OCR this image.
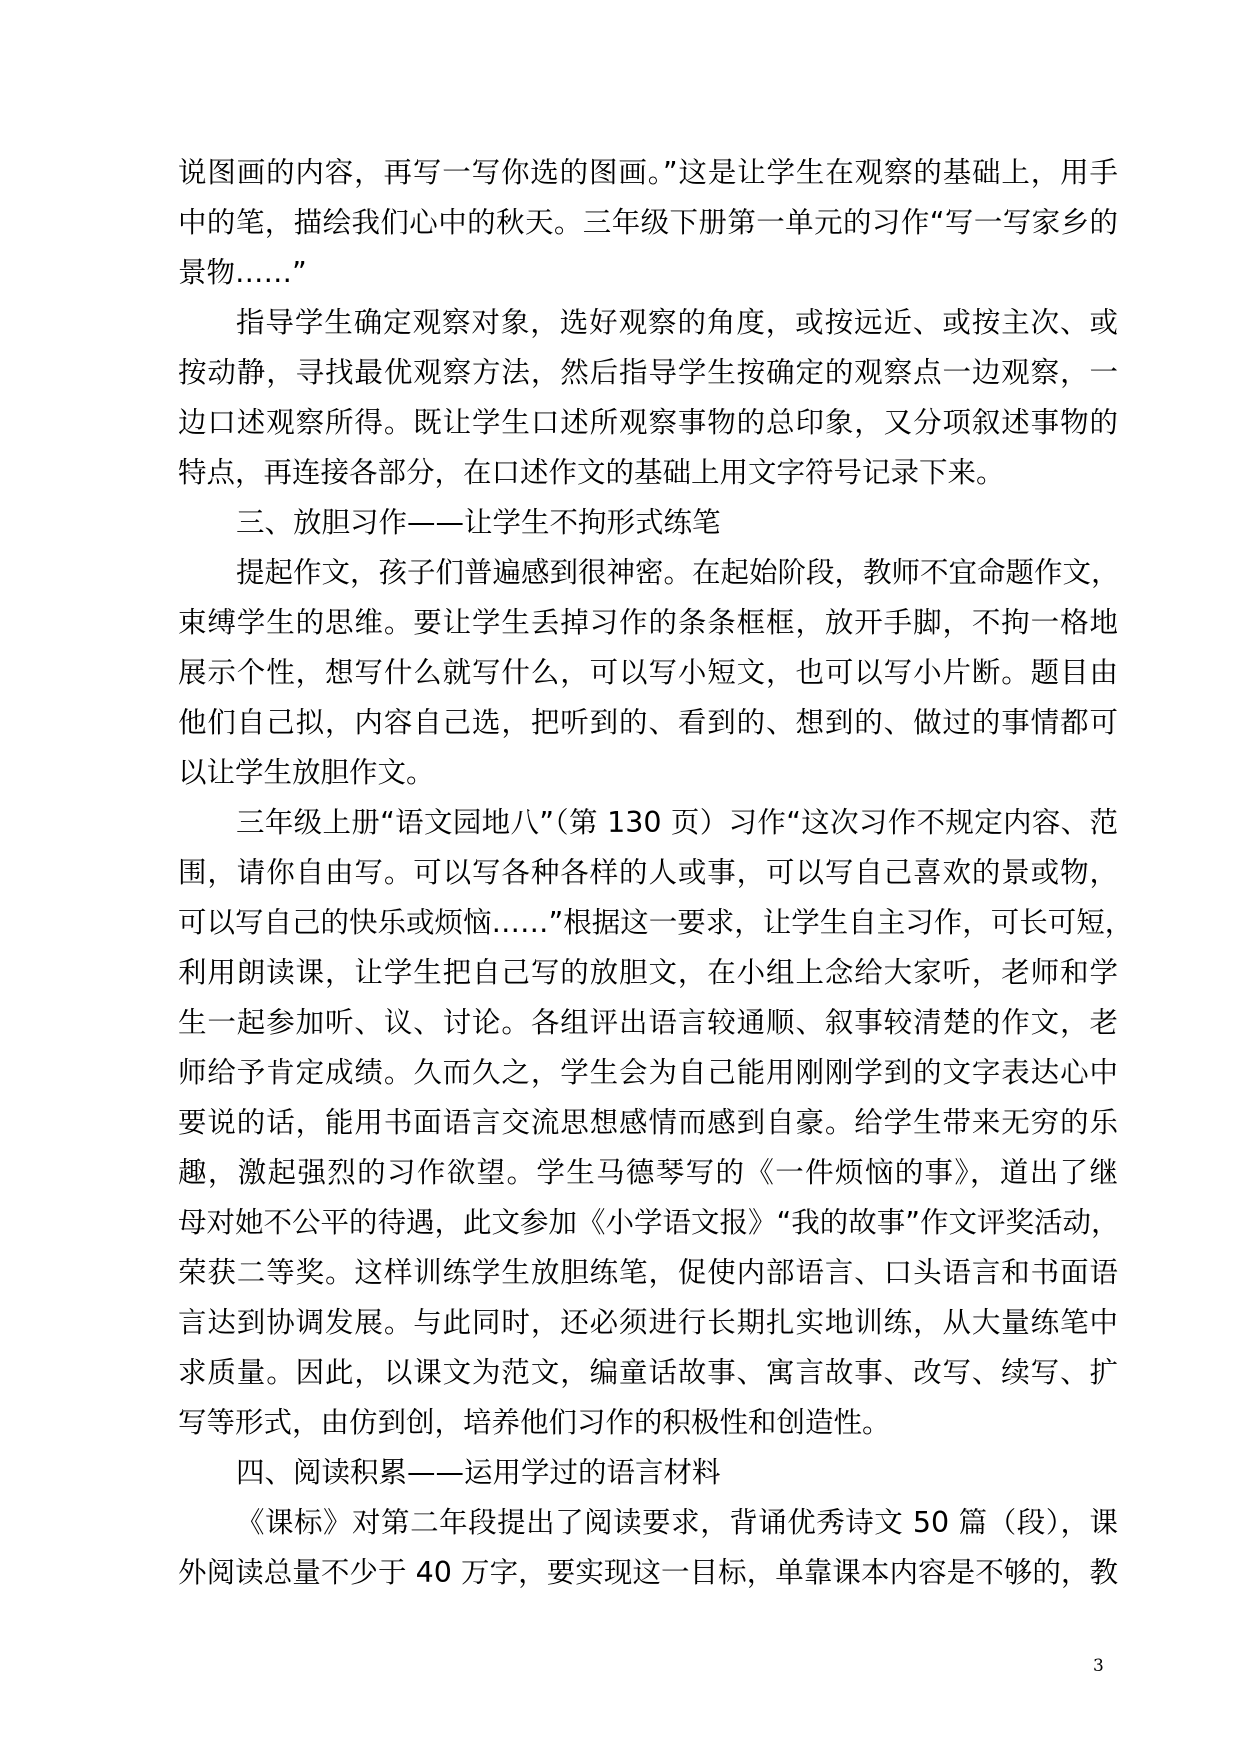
说图画的内容，再写一写你选的图画。”这是让学生在观察的基础上，用手
中的笔，描绘我们心中的秋天。三年级下册第一单元的习作“写一写家乡的
景物……”
指导学生确定观察对象，选好观察的角度，或按远近、或按主次、或
按动静，寻找最优观察方法，然后指导学生按确定的观察点一边观察，一
边口述观察所得。既让学生口述所观察事物的总印象，又分项叙述事物的
特点，再连接各部分，在口述作文的基础上用文字符号记录下来。
三、放胆习作——让学生不拘形式练笔
提起作文，孩子们普遍感到很神密。在起始阶段，教师不宜命题作文，
束缚学生的思维。要让学生丢掉习作的条条框框，放开手脚，不拘一格地
展示个性，想写什么就写什么，可以写小短文，也可以写小片断。题目由
他们自己拟，内容自己选，把听到的、看到的、想到的、做过的事情都可
以让学生放胆作文。
三年级上册“语文园地八”（第 130 页）习作“这次习作不规定内容、范
围，请你自由写。可以写各种各样的人或事，可以写自己喜欢的景或物，
可以写自己的快乐或烦恼……”根据这一要求，让学生自主习作，可长可短，
利用朗读课，让学生把自己写的放胆文，在小组上念给大家听，老师和学
生一起参加听、议、讨论。各组评出语言较通顺、叙事较清楚的作文，老
师给予肯定成绩。久而久之，学生会为自己能用刚刚学到的文字表达心中
要说的话，能用书面语言交流思想感情而感到自豪。给学生带来无穷的乐
趣，激起强烈的习作欲望。学生马德琴写的《一件烦恼的事》，道出了继
母对她不公平的待遇，此文参加《小学语文报》“我的故事”作文评奖活动，
荣获二等奖。这样训练学生放胆练笔，促使内部语言、口头语言和书面语
言达到协调发展。与此同时，还必须进行长期扎实地训练，从大量练笔中
求质量。因此，以课文为范文，编童话故事、寓言故事、改写、续写、扩
写等形式，由仿到创，培养他们习作的积极性和创造性。
四、阅读积累——运用学过的语言材料
《课标》对第二年段提出了阅读要求，背诵优秀诗文 50 篇（段），课
外阅读总量不少于 40 万字，要实现这一目标，单靠课本内容是不够的，教
3
